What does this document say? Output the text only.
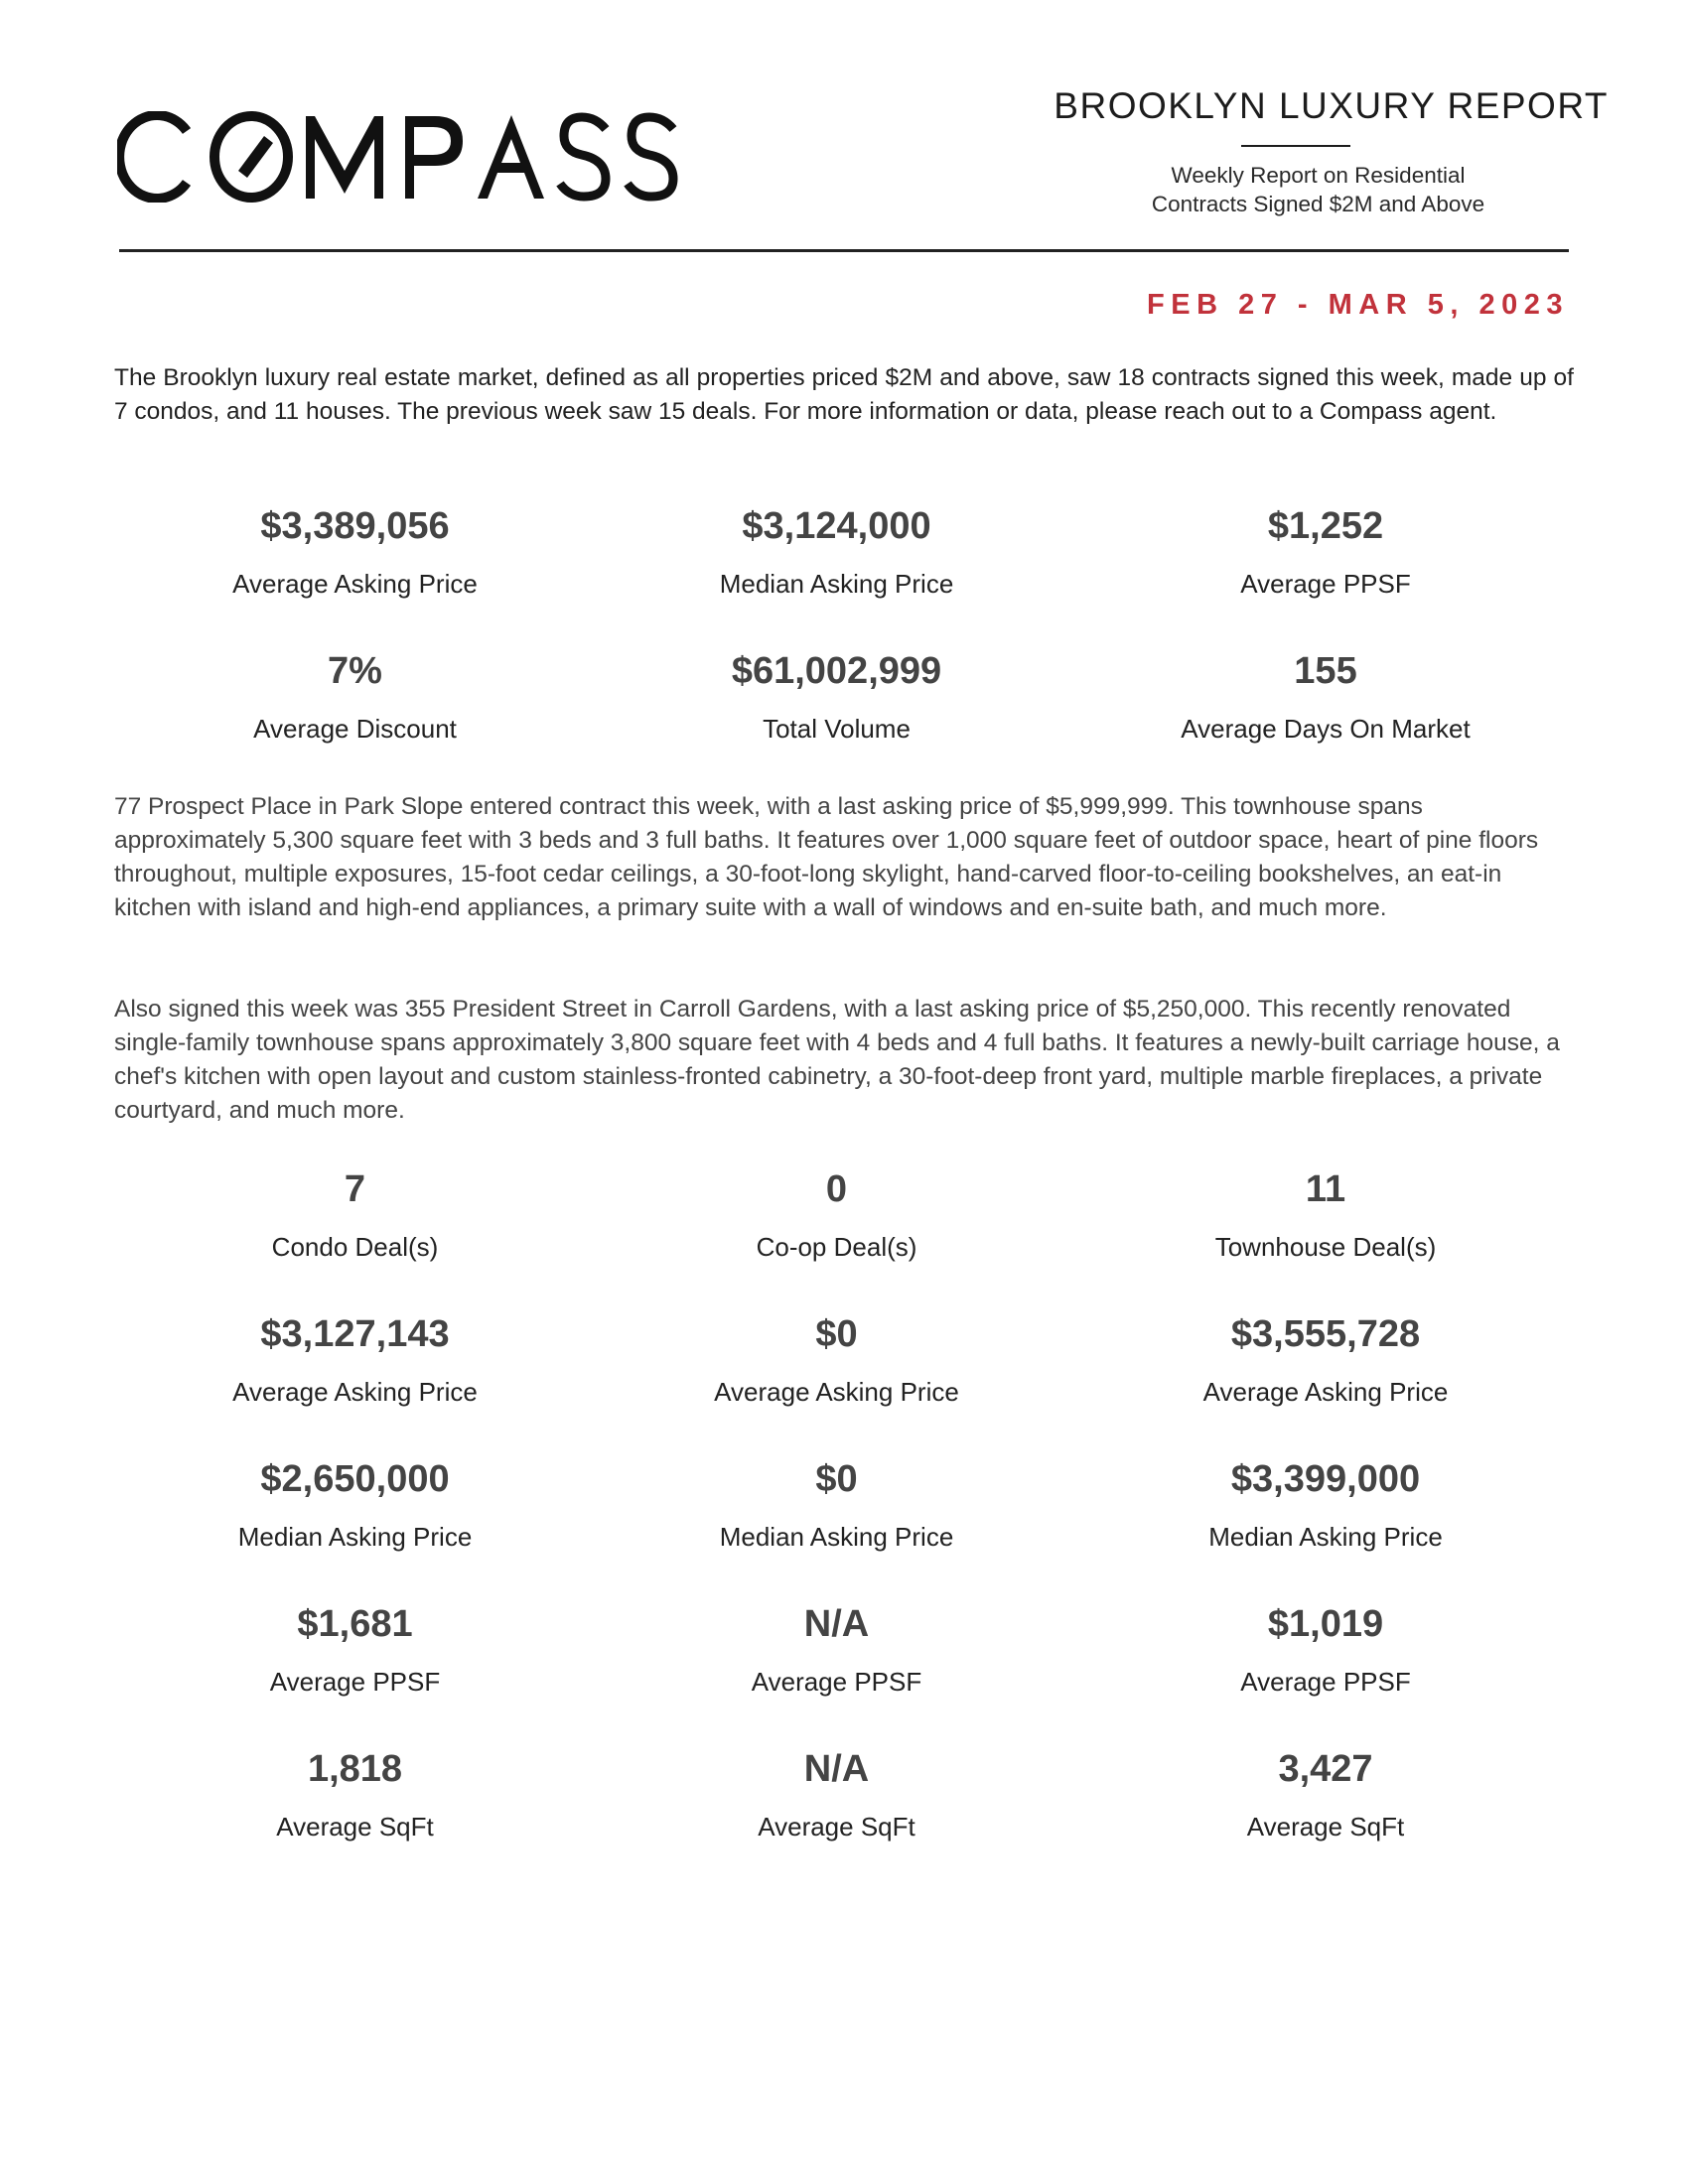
BROOKLYN LUXURY REPORT
Weekly Report on Residential
Contracts Signed $2M and Above
FEB 27 - MAR 5, 2023

The Brooklyn luxury real estate market, defined as all properties priced $2M and above, saw 18 contracts signed this week, made up of 7 condos, and 11 houses. The previous week saw 15 deals. For more information or data, please reach out to a Compass agent.

$3,389,056
Average Asking Price
$3,124,000
Median Asking Price
$1,252
Average PPSF
7%
Average Discount
$61,002,999
Total Volume
155
Average Days On Market

77 Prospect Place in Park Slope entered contract this week, with a last asking price of $5,999,999. This townhouse spans approximately 5,300 square feet with 3 beds and 3 full baths. It features over 1,000 square feet of outdoor space, heart of pine floors throughout, multiple exposures, 15-foot cedar ceilings, a 30-foot-long skylight, hand-carved floor-to-ceiling bookshelves, an eat-in kitchen with island and high-end appliances, a primary suite with a wall of windows and en-suite bath, and much more.

Also signed this week was 355 President Street in Carroll Gardens, with a last asking price of $5,250,000. This recently renovated single-family townhouse spans approximately 3,800 square feet with 4 beds and 4 full baths. It features a newly-built carriage house, a chef's kitchen with open layout and custom stainless-fronted cabinetry, a 30-foot-deep front yard, multiple marble fireplaces, a private courtyard, and much more.

7
Condo Deal(s)
0
Co-op Deal(s)
11
Townhouse Deal(s)
$3,127,143
Average Asking Price
$0
Average Asking Price
$3,555,728
Average Asking Price
$2,650,000
Median Asking Price
$0
Median Asking Price
$3,399,000
Median Asking Price
$1,681
Average PPSF
N/A
Average PPSF
$1,019
Average PPSF
1,818
Average SqFt
N/A
Average SqFt
3,427
Average SqFt
